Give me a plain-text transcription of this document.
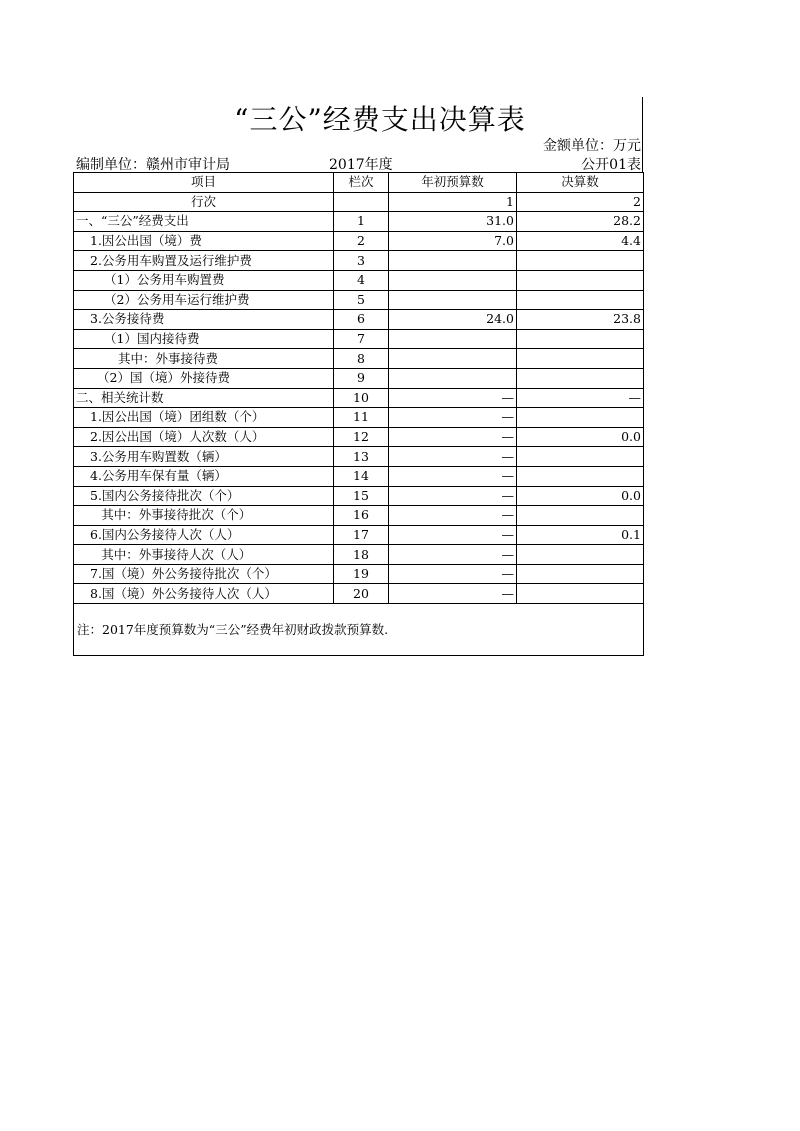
“三公”经费支出决算表
金额单位：万元
编制单位：赣州市审计局	2017年度	公开01表
项目	栏次	年初预算数	决算数
行次		1	2
一、“三公”经费支出	1	31.0	28.2
1.因公出国（境）费	2	7.0	4.4
2.公务用车购置及运行维护费	3		
（1）公务用车购置费	4		
（2）公务用车运行维护费	5		
3.公务接待费	6	24.0	23.8
（1）国内接待费	7		
其中：外事接待费	8		
（2）国（境）外接待费	9		
二、相关统计数	10	—	—
1.因公出国（境）团组数（个）	11	—	
2.因公出国（境）人次数（人）	12	—	0.0
3.公务用车购置数（辆）	13	—	
4.公务用车保有量（辆）	14	—	
5.国内公务接待批次（个）	15	—	0.0
其中：外事接待批次（个）	16	—	
6.国内公务接待人次（人）	17	—	0.1
其中：外事接待人次（人）	18	—	
7.国（境）外公务接待批次（个）	19	—	
8.国（境）外公务接待人次（人）	20	—	
注：2017年度预算数为“三公”经费年初财政拨款预算数.			
